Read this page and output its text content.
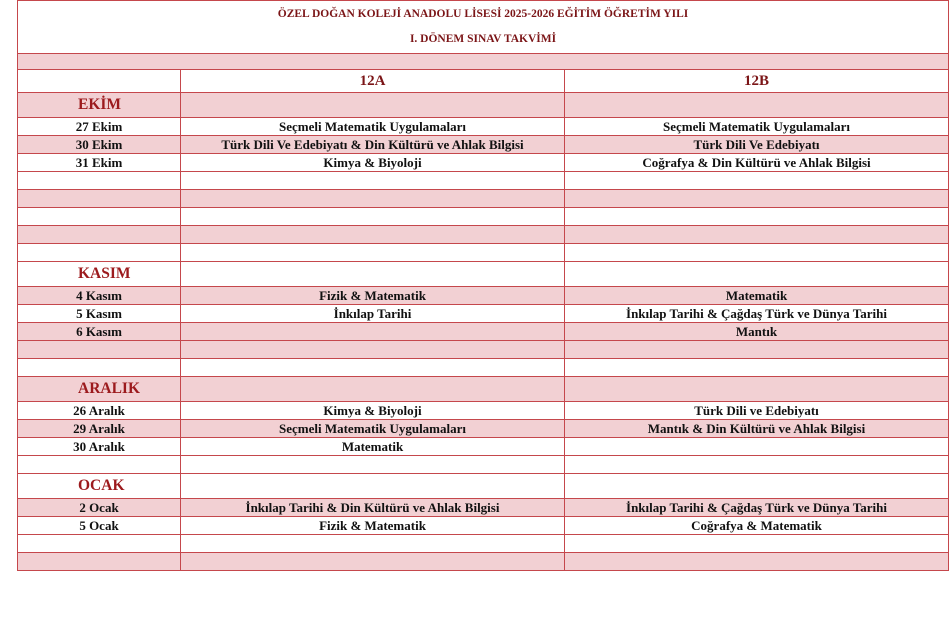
ÖZEL DOĞAN KOLEJİ ANADOLU LİSESİ 2025-2026 EĞİTİM ÖĞRETİM YILI
I. DÖNEM SINAV TAKVİMİ		

	12A	12B
EKİM		
27 Ekim	Seçmeli Matematik Uygulamaları	Seçmeli Matematik Uygulamaları
30 Ekim	Türk Dili Ve Edebiyatı & Din Kültürü ve Ahlak Bilgisi	Türk Dili Ve Edebiyatı
31 Ekim	Kimya & Biyoloji	Coğrafya & Din Kültürü ve Ahlak Bilgisi

KASIM		
4 Kasım	Fizik & Matematik	Matematik
5 Kasım	İnkılap Tarihi	İnkılap Tarihi & Çağdaş Türk ve Dünya Tarihi
6 Kasım		Mantık

ARALIK		
26 Aralık	Kimya & Biyoloji	Türk Dili ve Edebiyatı
29 Aralık	Seçmeli Matematik Uygulamaları	Mantık & Din Kültürü ve Ahlak Bilgisi
30 Aralık	Matematik	

OCAK		
2 Ocak	İnkılap Tarihi & Din Kültürü ve Ahlak Bilgisi	İnkılap Tarihi & Çağdaş Türk ve Dünya Tarihi
5 Ocak	Fizik & Matematik	Coğrafya & Matematik
